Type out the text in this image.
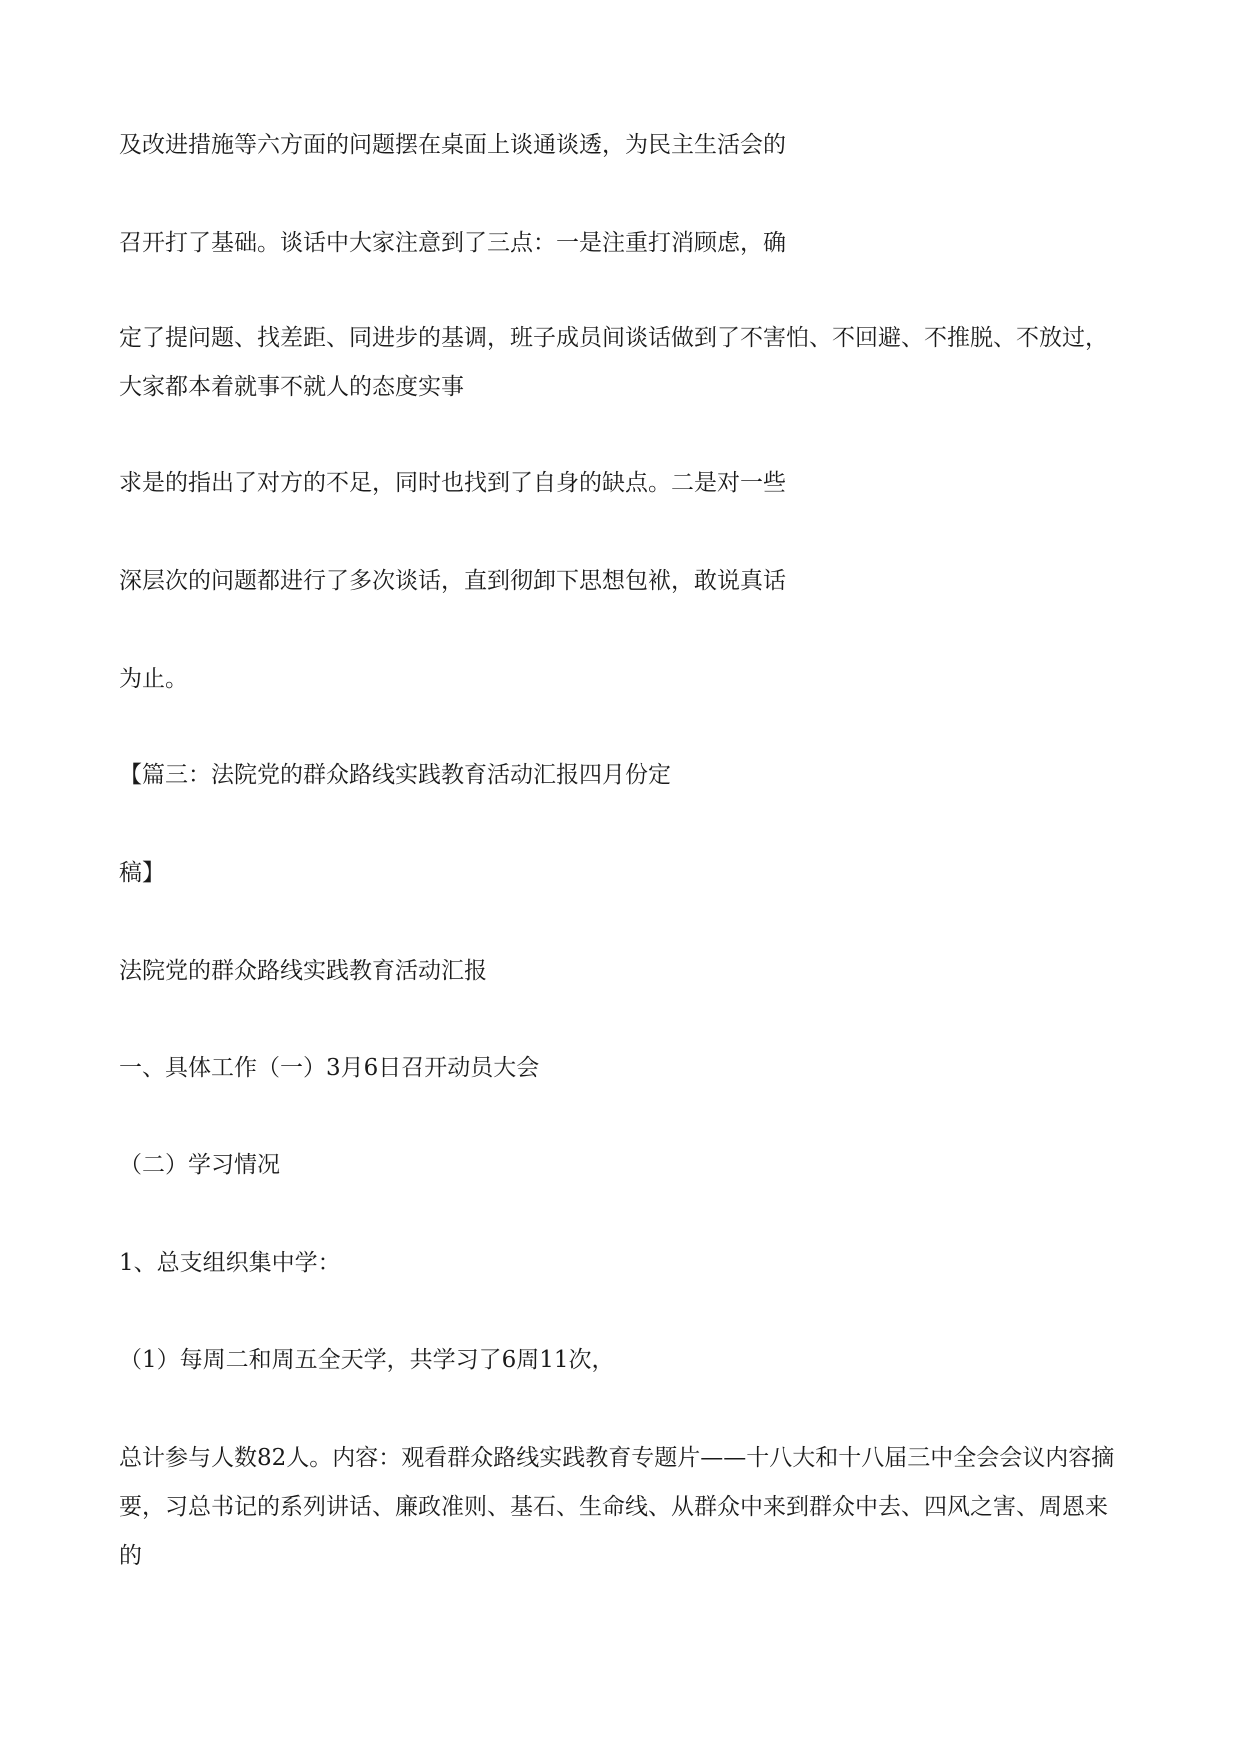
及改进措施等六方面的问题摆在桌面上谈通谈透，为民主生活会的

召开打了基础。谈话中大家注意到了三点：一是注重打消顾虑，确

定了提问题、找差距、同进步的基调，班子成员间谈话做到了不害怕、不回避、不推脱、不放过，大家都本着就事不就人的态度实事

求是的指出了对方的不足，同时也找到了自身的缺点。二是对一些

深层次的问题都进行了多次谈话，直到彻卸下思想包袱，敢说真话

为止。

【篇三：法院党的群众路线实践教育活动汇报四月份定

稿】

法院党的群众路线实践教育活动汇报

一、具体工作（一）3月6日召开动员大会

（二）学习情况

1、总支组织集中学：

（1）每周二和周五全天学，共学习了6周11次，

总计参与人数82人。内容：观看群众路线实践教育专题片——十八大和十八届三中全会会议内容摘要，习总书记的系列讲话、廉政准则、基石、生命线、从群众中来到群众中去、四风之害、周恩来的
